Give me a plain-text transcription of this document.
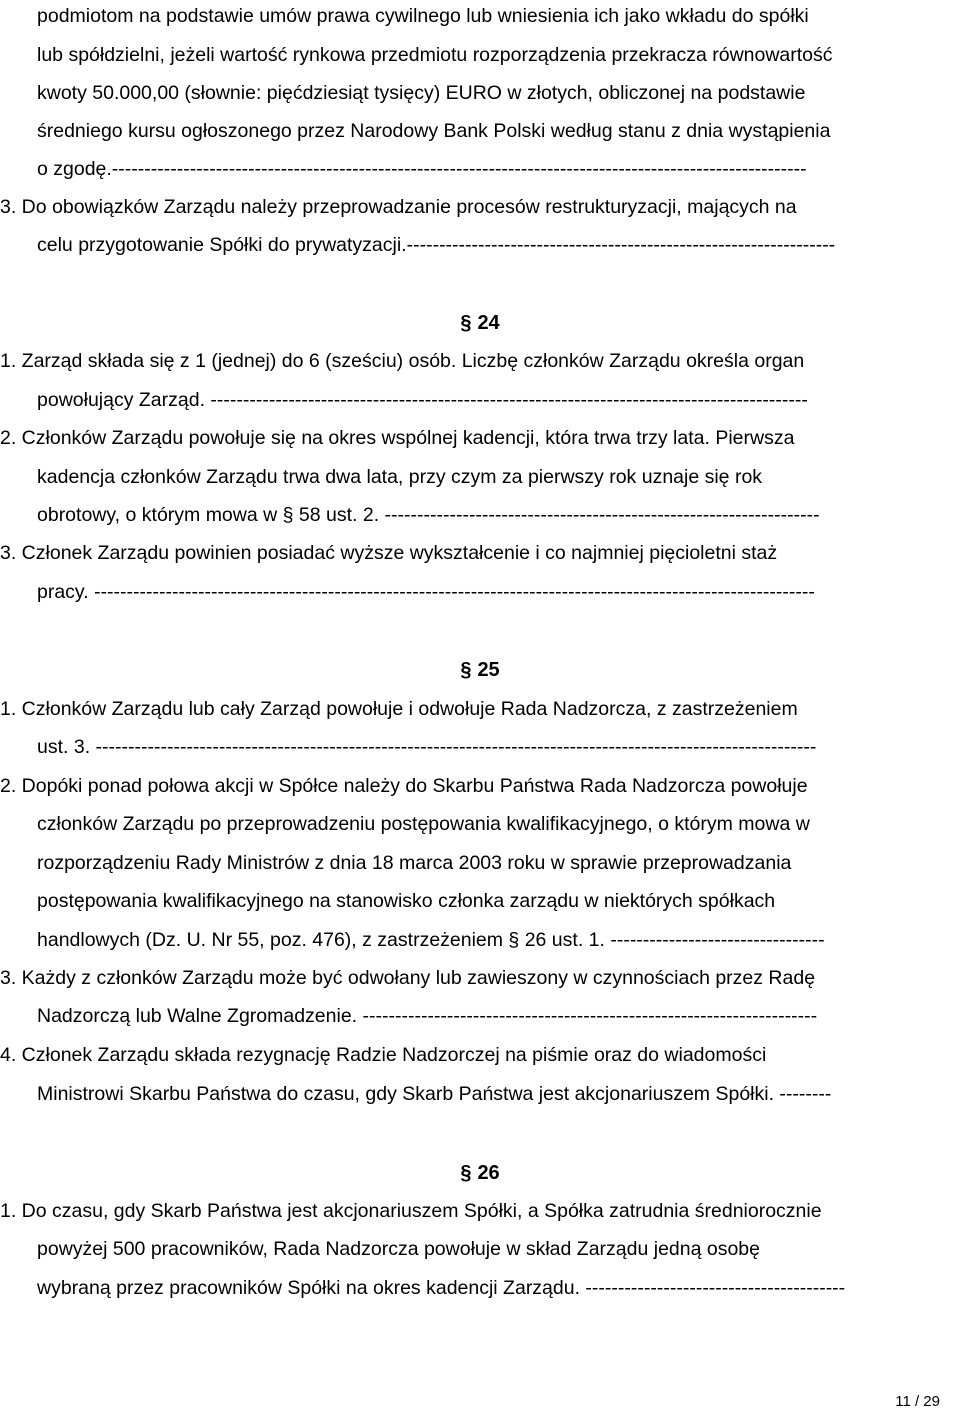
podmiotom na podstawie umów prawa cywilnego lub wniesienia ich jako wkładu do spółki
lub spółdzielni, jeżeli wartość rynkowa przedmiotu rozporządzenia przekracza równowartość
kwoty 50.000,00 (słownie: pięćdziesiąt tysięcy) EURO w złotych, obliczonej na podstawie
średniego kursu ogłoszonego przez Narodowy Bank Polski według stanu z dnia wystąpienia
o zgodę.-----------------------------------------------------------------------------------------------------------
3. Do obowiązków Zarządu należy przeprowadzanie procesów restrukturyzacji, mających na
celu przygotowanie Spółki do prywatyzacji.------------------------------------------------------------------
§ 24
1. Zarząd składa się z 1 (jednej) do 6 (sześciu) osób. Liczbę członków Zarządu określa organ
powołujący Zarząd. --------------------------------------------------------------------------------------------
2. Członków Zarządu powołuje się na okres wspólnej kadencji, która trwa trzy lata. Pierwsza
kadencja członków Zarządu trwa dwa lata, przy czym za pierwszy rok uznaje się rok
obrotowy, o którym mowa w § 58 ust. 2. -------------------------------------------------------------------
3. Członek Zarządu powinien posiadać wyższe wykształcenie i co najmniej pięcioletni staż
pracy. ---------------------------------------------------------------------------------------------------------------
§ 25
1. Członków Zarządu lub cały Zarząd powołuje i odwołuje Rada Nadzorcza, z zastrzeżeniem
ust. 3. ---------------------------------------------------------------------------------------------------------------
2. Dopóki ponad połowa akcji w Spółce należy do Skarbu Państwa Rada Nadzorcza powołuje
członków Zarządu po przeprowadzeniu postępowania kwalifikacyjnego, o którym mowa w
rozporządzeniu Rady Ministrów z dnia 18 marca 2003 roku w sprawie przeprowadzania
postępowania kwalifikacyjnego na stanowisko członka zarządu w niektórych spółkach
handlowych (Dz. U. Nr 55, poz. 476), z zastrzeżeniem § 26 ust. 1. ---------------------------------
3. Każdy z członków Zarządu może być odwołany lub zawieszony w czynnościach przez Radę
Nadzorczą lub Walne Zgromadzenie. ----------------------------------------------------------------------
4. Członek Zarządu składa rezygnację Radzie Nadzorczej na piśmie oraz do wiadomości
Ministrowi Skarbu Państwa do czasu, gdy Skarb Państwa jest akcjonariuszem Spółki. --------
§ 26
1. Do czasu, gdy Skarb Państwa jest akcjonariuszem Spółki, a Spółka zatrudnia średniorocznie
powyżej 500 pracowników, Rada Nadzorcza powołuje w skład Zarządu jedną osobę
wybraną przez pracowników Spółki na okres kadencji Zarządu. ----------------------------------------
11 / 29
